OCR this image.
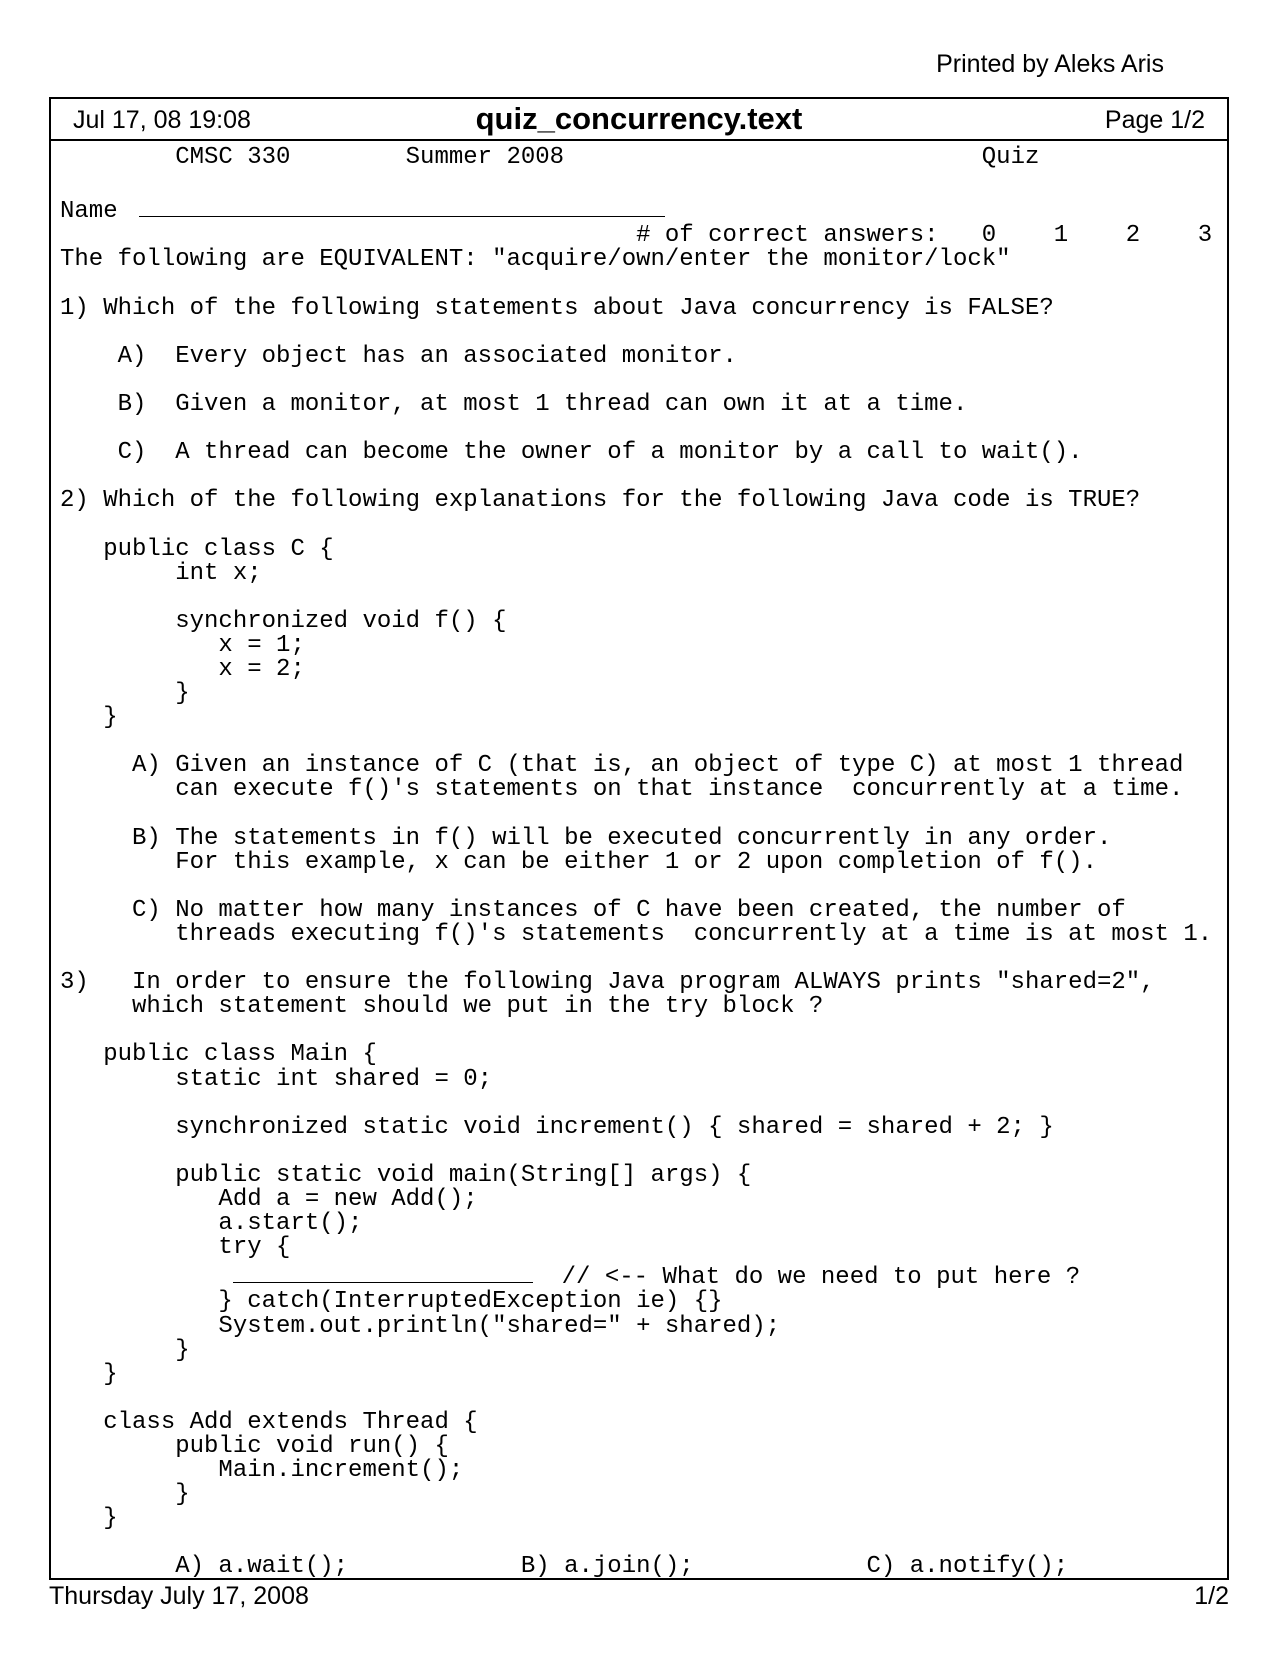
Printed by Aleks Aris
Jul 17, 08 19:08	quiz_concurrency.text	Page 1/2
CMSC 330	Summer 2008	Quiz

Name
# of correct answers:   0    1    2    3
The following are EQUIVALENT: "acquire/own/enter the monitor/lock"

1) Which of the following statements about Java concurrency is FALSE?

A)  Every object has an associated monitor.

B)  Given a monitor, at most 1 thread can own it at a time.

C)  A thread can become the owner of a monitor by a call to wait().

2) Which of the following explanations for the following Java code is TRUE?

public class C {
int x;

synchronized void f() {
x = 1;
x = 2;
}
}

A) Given an instance of C (that is, an object of type C) at most 1 thread
can execute f()'s statements on that instance  concurrently at a time.

B) The statements in f() will be executed concurrently in any order.
For this example, x can be either 1 or 2 upon completion of f().

C) No matter how many instances of C have been created, the number of
threads executing f()'s statements  concurrently at a time is at most 1.

3)   In order to ensure the following Java program ALWAYS prints "shared=2",
which statement should we put in the try block ?

public class Main {
static int shared = 0;

synchronized static void increment() { shared = shared + 2; }

public static void main(String[] args) {
Add a = new Add();
a.start();
try {
// <-- What do we need to put here ?
} catch(InterruptedException ie) {}
System.out.println("shared=" + shared);
}
}

class Add extends Thread {
public void run() {
Main.increment();
}
}

A) a.wait();            B) a.join();            C) a.notify();
Thursday July 17, 2008	1/2
